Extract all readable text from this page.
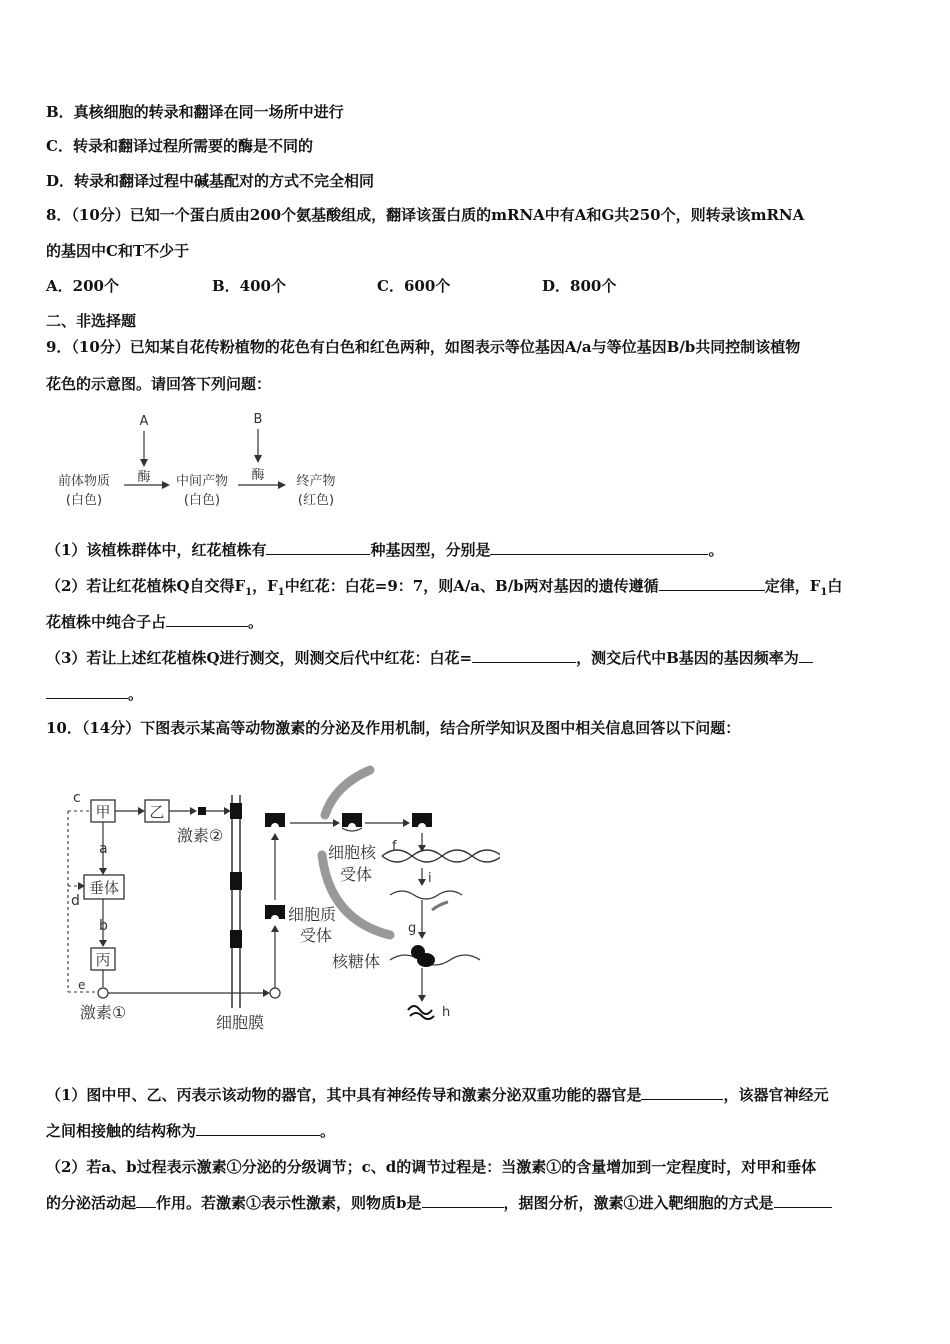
B．真核细胞的转录和翻译在同一场所中进行
C．转录和翻译过程所需要的酶是不同的
D．转录和翻译过程中碱基配对的方式不完全相同
8．（10分）已知一个蛋白质由200个氨基酸组成，翻译该蛋白质的mRNA中有A和G共250个，则转录该mRNA
的基因中C和T不少于
A．200个	B．400个	C．600个	D．800个
二、非选择题
9．（10分）已知某自花传粉植物的花色有白色和红色两种，如图表示等位基因A/a与等位基因B/b共同控制该植物
花色的示意图。请回答下列问题：
A	B
酶	酶
前体物质
(白色)
中间产物
(白色)
终产物
(红色)
（1）该植株群体中，红花植株有	种基因型，分别是	。
（2）若让红花植株Q自交得$F_1$，$F_1$中红花：白花=9：7，则A/a、B/b两对基因的遗传遵循	定律，$F_1$白
花植株中纯合子占	。
（3）若让上述红花植株Q进行测交，则测交后代中红花：白花=	，测交后代中B基因的基因频率为
。
10．（14分）下图表示某高等动物激素的分泌及作用机制，结合所学知识及图中相关信息回答以下问题：
c
甲	乙
激素②
d
a
垂体
b
丙
e
激素①
细胞膜
细胞质
受体
细胞核
受体
f
i
g
核糖体
h
（1）图中甲、乙、丙表示该动物的器官，其中具有神经传导和激素分泌双重功能的器官是	，该器官神经元
之间相接触的结构称为	。
（2）若a、b过程表示激素①分泌的分级调节；c、d的调节过程是：当激素①的含量增加到一定程度时，对甲和垂体
的分泌活动起 作用。若激素①表示性激素，则物质b是	，据图分析，激素①进入靶细胞的方式是
